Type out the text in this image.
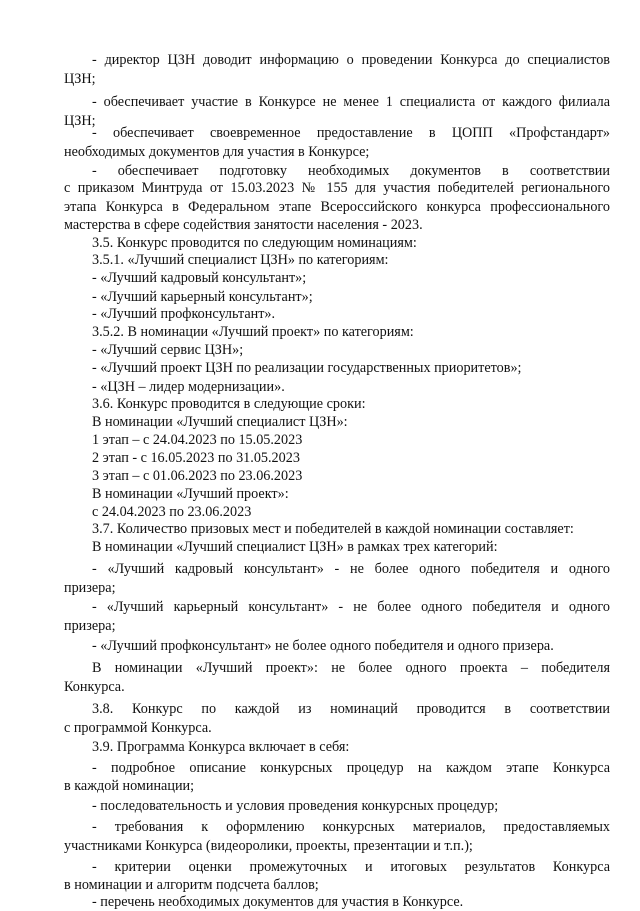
- директор ЦЗН доводит информацию о проведении Конкурса до специалистов
ЦЗН;
- обеспечивает участие в Конкурсе не менее 1 специалиста от каждого филиала
ЦЗН;
- обеспечивает своевременное предоставление в ЦОПП «Профстандарт»
необходимых документов для участия в Конкурсе;
- обеспечивает подготовку необходимых документов в соответствии
с приказом Минтруда от 15.03.2023 № 155 для участия победителей регионального
этапа Конкурса в Федеральном этапе Всероссийского конкурса профессионального
мастерства в сфере содействия занятости населения - 2023.
3.5. Конкурс проводится по следующим номинациям:
3.5.1. «Лучший специалист ЦЗН» по категориям:
- «Лучший кадровый консультант»;
- «Лучший карьерный консультант»;
- «Лучший профконсультант».
3.5.2. В номинации «Лучший проект» по категориям:
- «Лучший сервис ЦЗН»;
- «Лучший проект ЦЗН по реализации государственных приоритетов»;
- «ЦЗН – лидер модернизации».
3.6. Конкурс проводится в следующие сроки:
В номинации «Лучший специалист ЦЗН»:
1 этап – с 24.04.2023 по 15.05.2023
2 этап - с 16.05.2023 по 31.05.2023
3 этап – с 01.06.2023 по 23.06.2023
В номинации «Лучший проект»:
с 24.04.2023 по 23.06.2023
3.7. Количество призовых мест и победителей в каждой номинации составляет:
В номинации «Лучший специалист ЦЗН» в рамках трех категорий:
- «Лучший кадровый консультант» - не более одного победителя и одного
призера;
- «Лучший карьерный консультант» - не более одного победителя и одного
призера;
- «Лучший профконсультант» не более одного победителя и одного призера.
В номинации «Лучший проект»: не более одного проекта – победителя
Конкурса.
3.8. Конкурс по каждой из номинаций проводится в соответствии
с программой Конкурса.
3.9. Программа Конкурса включает в себя:
- подробное описание конкурсных процедур на каждом этапе Конкурса
в каждой номинации;
- последовательность и условия проведения конкурсных процедур;
- требования к оформлению конкурсных материалов, предоставляемых
участниками Конкурса (видеоролики, проекты, презентации и т.п.);
- критерии оценки промежуточных и итоговых результатов Конкурса
в номинации и алгоритм подсчета баллов;
- перечень необходимых документов для участия в Конкурсе.
